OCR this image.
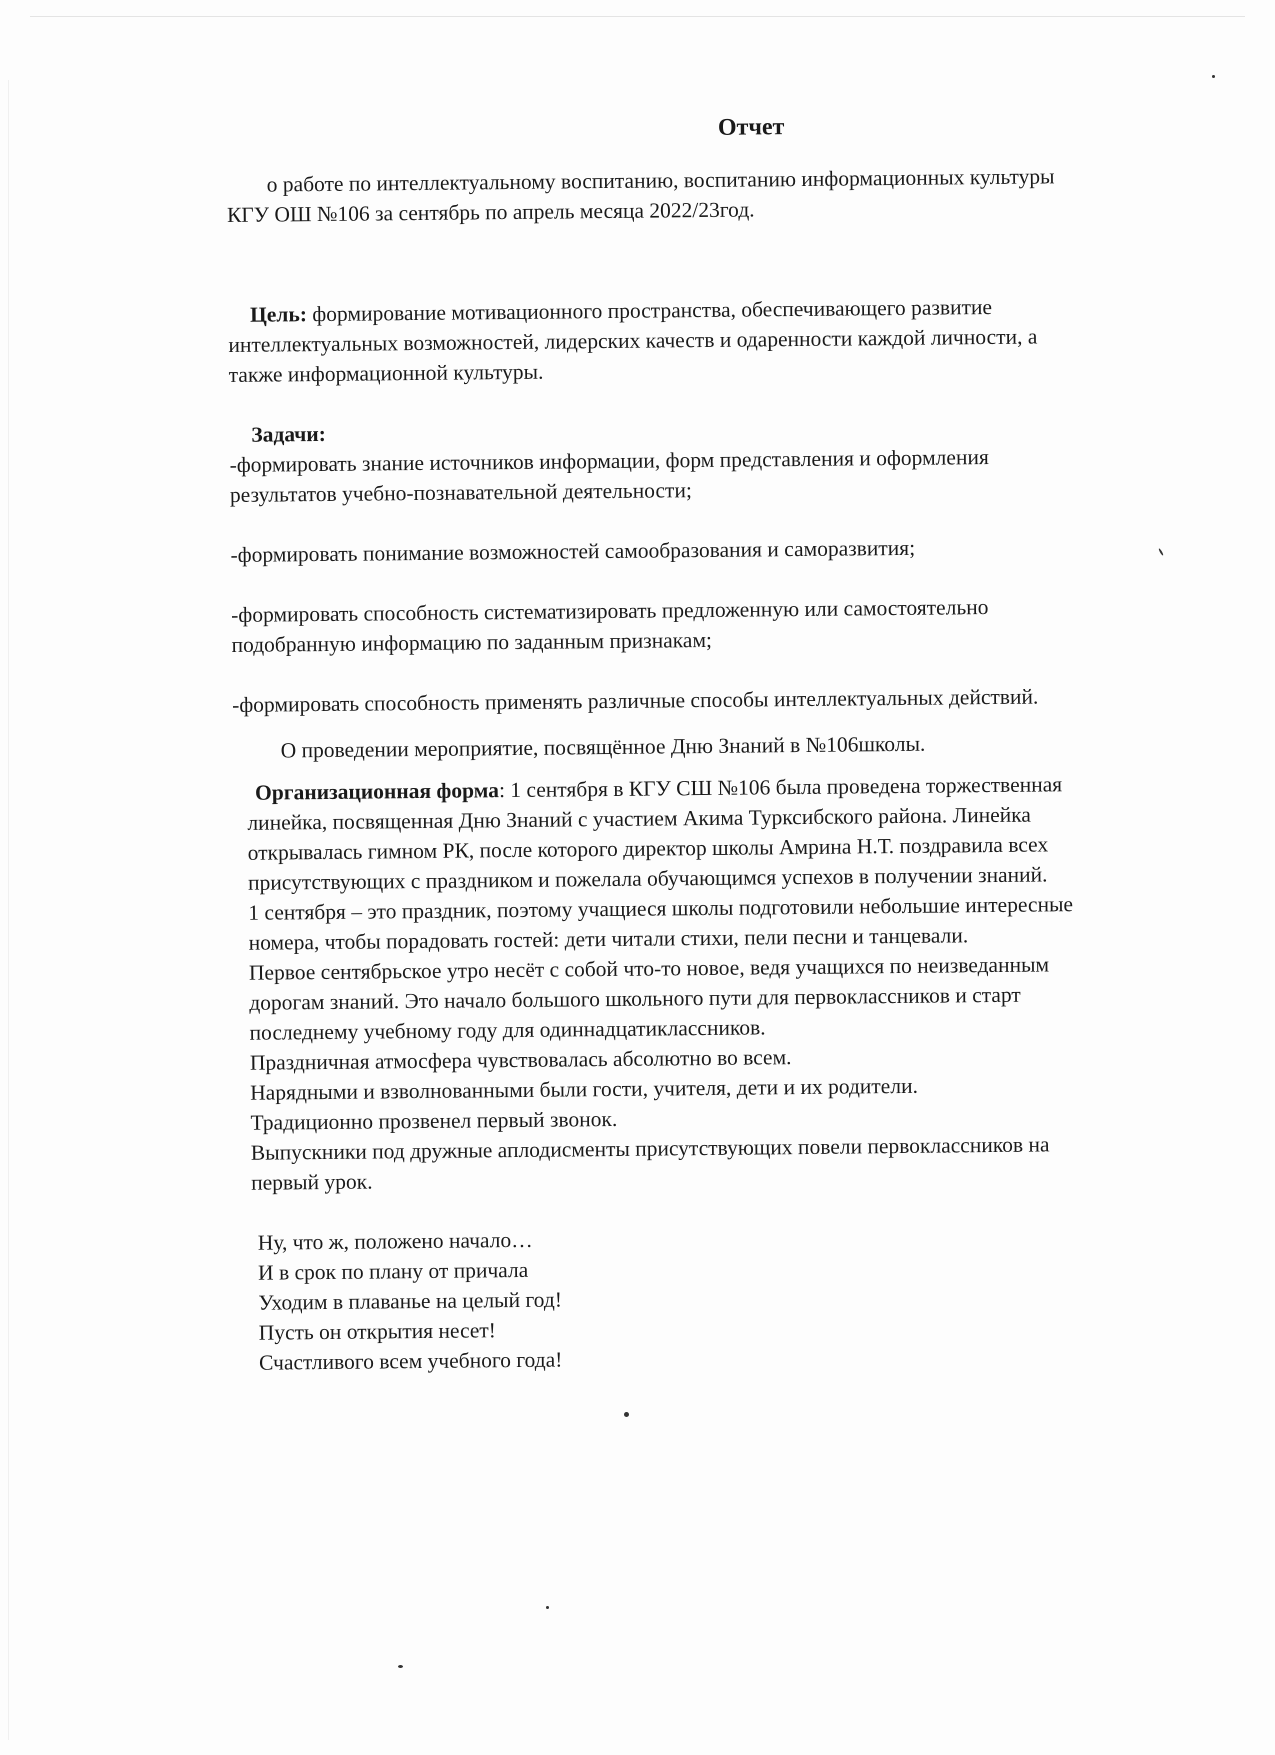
Отчет
о работе по интеллектуальному воспитанию, воспитанию информационных культуры
КГУ ОШ №106 за сентябрь по апрель месяца 2022/23год.
Цель: формирование мотивационного пространства, обеспечивающего развитие
интеллектуальных возможностей, лидерских качеств и одаренности каждой личности, а
также информационной культуры.
Задачи:
-формировать знание источников информации, форм представления и оформления
результатов учебно-познавательной деятельности;
-формировать понимание возможностей самообразования и саморазвития;
-формировать способность систематизировать предложенную или самостоятельно
подобранную информацию по заданным признакам;
-формировать способность применять различные способы интеллектуальных действий.
О проведении мероприятие, посвящённое Дню Знаний в №106школы.
Организационная форма: 1 сентября в КГУ СШ №106 была проведена торжественная
линейка, посвященная Дню Знаний с участием Акима Турксибского района. Линейка
открывалась гимном РК, после которого директор школы Амрина Н.Т. поздравила всех
присутствующих с праздником и пожелала обучающимся успехов в получении знаний.
1 сентября – это праздник, поэтому учащиеся школы подготовили небольшие интересные
номера, чтобы порадовать гостей: дети читали стихи, пели песни и танцевали.
Первое сентябрьское утро несёт с собой что-то новое, ведя учащихся по неизведанным
дорогам знаний. Это начало большого школьного пути для первоклассников и старт
последнему учебному году для одиннадцатиклассников.
Праздничная атмосфера чувствовалась абсолютно во всем.
Нарядными и взволнованными были гости, учителя, дети и их родители.
Традиционно прозвенел первый звонок.
Выпускники под дружные аплодисменты присутствующих повели первоклассников на
первый урок.
Ну, что ж, положено начало…
И в срок по плану от причала
Уходим в плаванье на целый год!
Пусть он открытия несет!
Счастливого всем учебного года!
